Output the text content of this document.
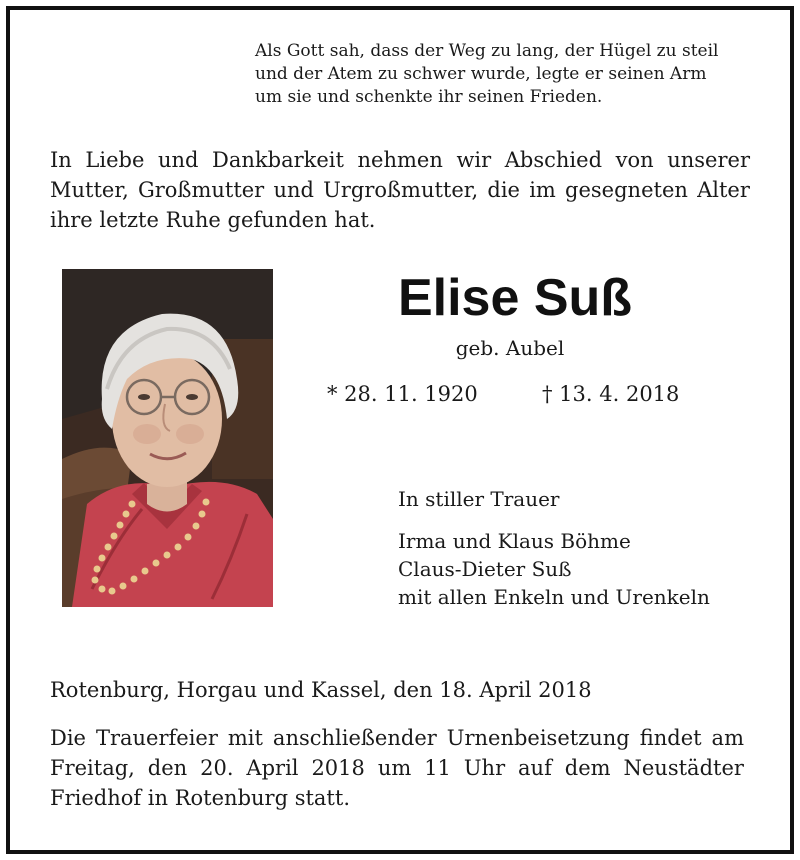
Als Gott sah, dass der Weg zu lang, der Hügel zu steil
und der Atem zu schwer wurde, legte er seinen Arm
um sie und schenkte ihr seinen Frieden.
In Liebe und Dankbarkeit nehmen wir Abschied von unserer
Mutter, Großmutter und Urgroßmutter, die im gesegneten Alter
ihre letzte Ruhe gefunden hat.
Elise Suß
geb. Aubel
* 28. 11. 1920	† 13. 4. 2018
In stiller Trauer
Irma und Klaus Böhme
Claus-Dieter Suß
mit allen Enkeln und Urenkeln
Rotenburg, Horgau und Kassel, den 18. April 2018
Die Trauerfeier mit anschließender Urnenbeisetzung findet am
Freitag, den 20. April 2018 um 11 Uhr auf dem Neustädter
Friedhof in Rotenburg statt.
